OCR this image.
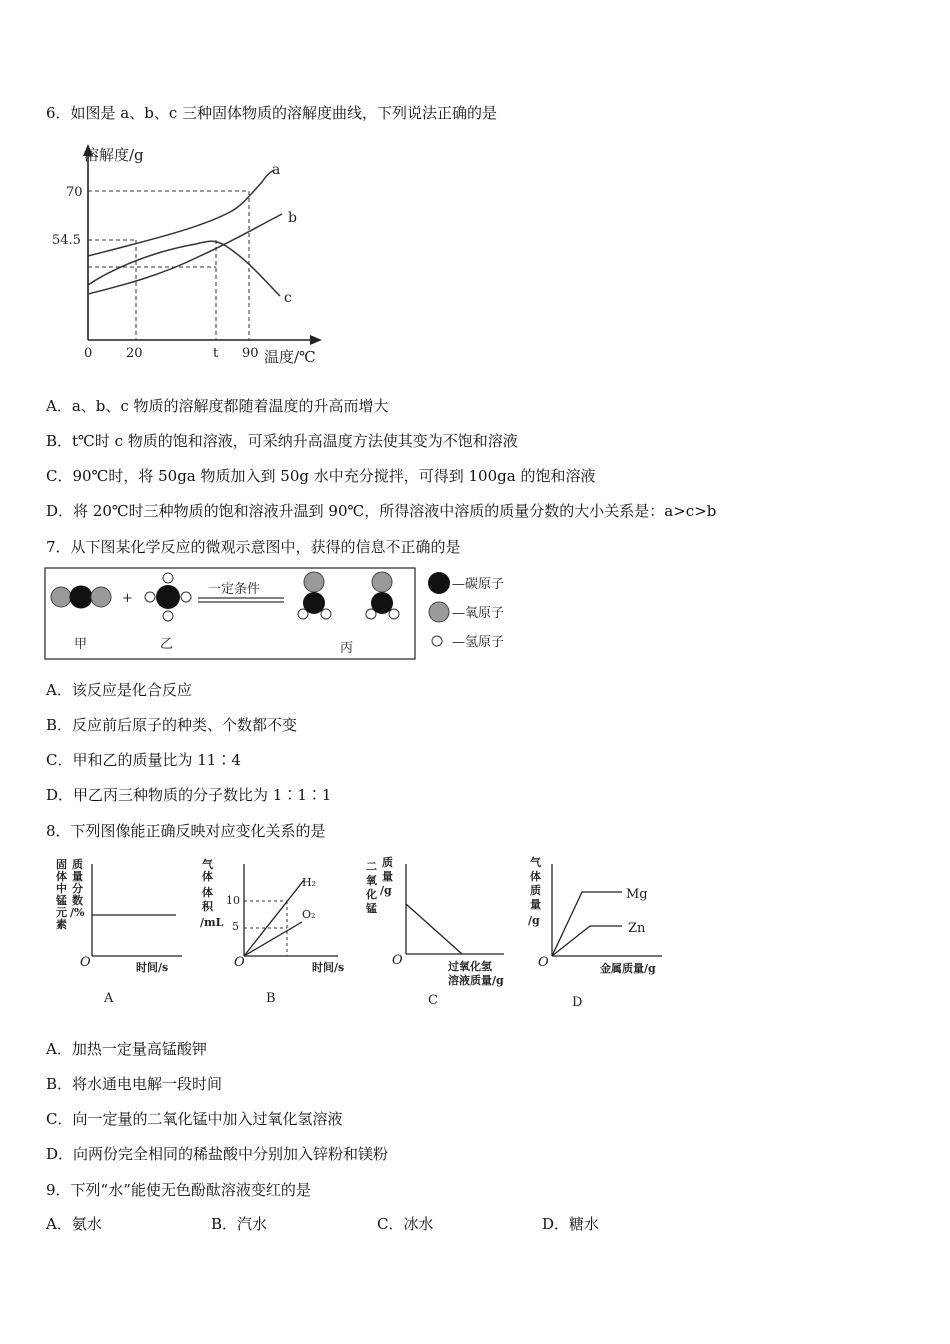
6．如图是 a、b、c 三种固体物质的溶解度曲线，下列说法正确的是
溶解度/g
温度/℃
70
54.5
0	20	t 90
a
b
c
A．a、b、c 物质的溶解度都随着温度的升高而增大
B．t℃时 c 物质的饱和溶液，可采纳升高温度方法使其变为不饱和溶液
C．90℃时，将 50ga 物质加入到 50g 水中充分搅拌，可得到 100ga 的饱和溶液
D．将 20℃时三种物质的饱和溶液升温到 90℃，所得溶液中溶质的质量分数的大小关系是：a>c>b
7．从下图某化学反应的微观示意图中，获得的信息不正确的是
+
一定条件
甲	乙	丙
—碳原子
—氧原子
—氢原子
A．该反应是化合反应
B．反应前后原子的种类、个数都不变
C．甲和乙的质量比为 11∶4
D．甲乙丙三种物质的分子数比为 1∶1∶1
8．下列图像能正确反映对应变化关系的是
固
体
中
锰
元
素
质
量
分
数
/%
O	时间/s
A
气
体
体
积
/mL
10
5
H₂
O₂
O	时间/s
B
二
氧
化
锰
质
量
/g
O	过氧化氢
溶液质量/g
C
气
体
质
量
/g
Mg
Zn
O	金属质量/g
D
A．加热一定量高锰酸钾
B．将水通电电解一段时间
C．向一定量的二氧化锰中加入过氧化氢溶液
D．向两份完全相同的稀盐酸中分别加入锌粉和镁粉
9．下列“水”能使无色酚酞溶液变红的是
A．氨水	B．汽水	C．冰水	D．糖水
